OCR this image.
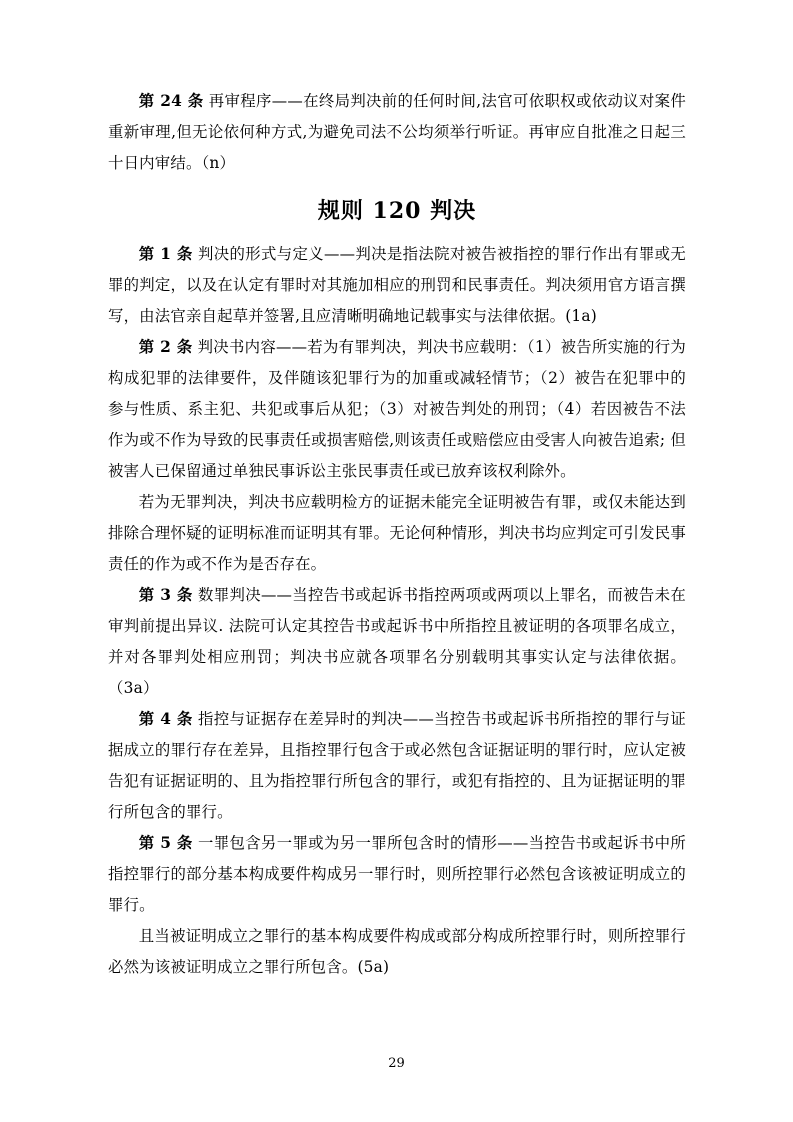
第 24 条 再审程序——在终局判决前的任何时间,法官可依职权或依动议对案件重新审理,但无论依何种方式,为避免司法不公均须举行听证。再审应自批准之日起三十日内审结。（n）

规则 120 判决

第 1 条 判决的形式与定义——判决是指法院对被告被指控的罪行作出有罪或无罪的判定，以及在认定有罪时对其施加相应的刑罚和民事责任。判决须用官方语言撰写，由法官亲自起草并签署,且应清晰明确地记载事实与法律依据。(1a)

第 2 条 判决书内容——若为有罪判决，判决书应载明：（1）被告所实施的行为构成犯罪的法律要件，及伴随该犯罪行为的加重或减轻情节；（2）被告在犯罪中的参与性质、系主犯、共犯或事后从犯；（3）对被告判处的刑罚；（4）若因被告不法作为或不作为导致的民事责任或损害赔偿,则该责任或赔偿应由受害人向被告追索; 但被害人已保留通过单独民事诉讼主张民事责任或已放弃该权利除外。

若为无罪判决，判决书应载明检方的证据未能完全证明被告有罪，或仅未能达到排除合理怀疑的证明标准而证明其有罪。无论何种情形，判决书均应判定可引发民事责任的作为或不作为是否存在。

第 3 条 数罪判决——当控告书或起诉书指控两项或两项以上罪名，而被告未在审判前提出异议. 法院可认定其控告书或起诉书中所指控且被证明的各项罪名成立，并对各罪判处相应刑罚；判决书应就各项罪名分别载明其事实认定与法律依据。（3a）

第 4 条 指控与证据存在差异时的判决——当控告书或起诉书所指控的罪行与证据成立的罪行存在差异，且指控罪行包含于或必然包含证据证明的罪行时，应认定被告犯有证据证明的、且为指控罪行所包含的罪行，或犯有指控的、且为证据证明的罪行所包含的罪行。

第 5 条 一罪包含另一罪或为另一罪所包含时的情形——当控告书或起诉书中所指控罪行的部分基本构成要件构成另一罪行时，则所控罪行必然包含该被证明成立的罪行。

且当被证明成立之罪行的基本构成要件构成或部分构成所控罪行时，则所控罪行必然为该被证明成立之罪行所包含。(5a)

29
